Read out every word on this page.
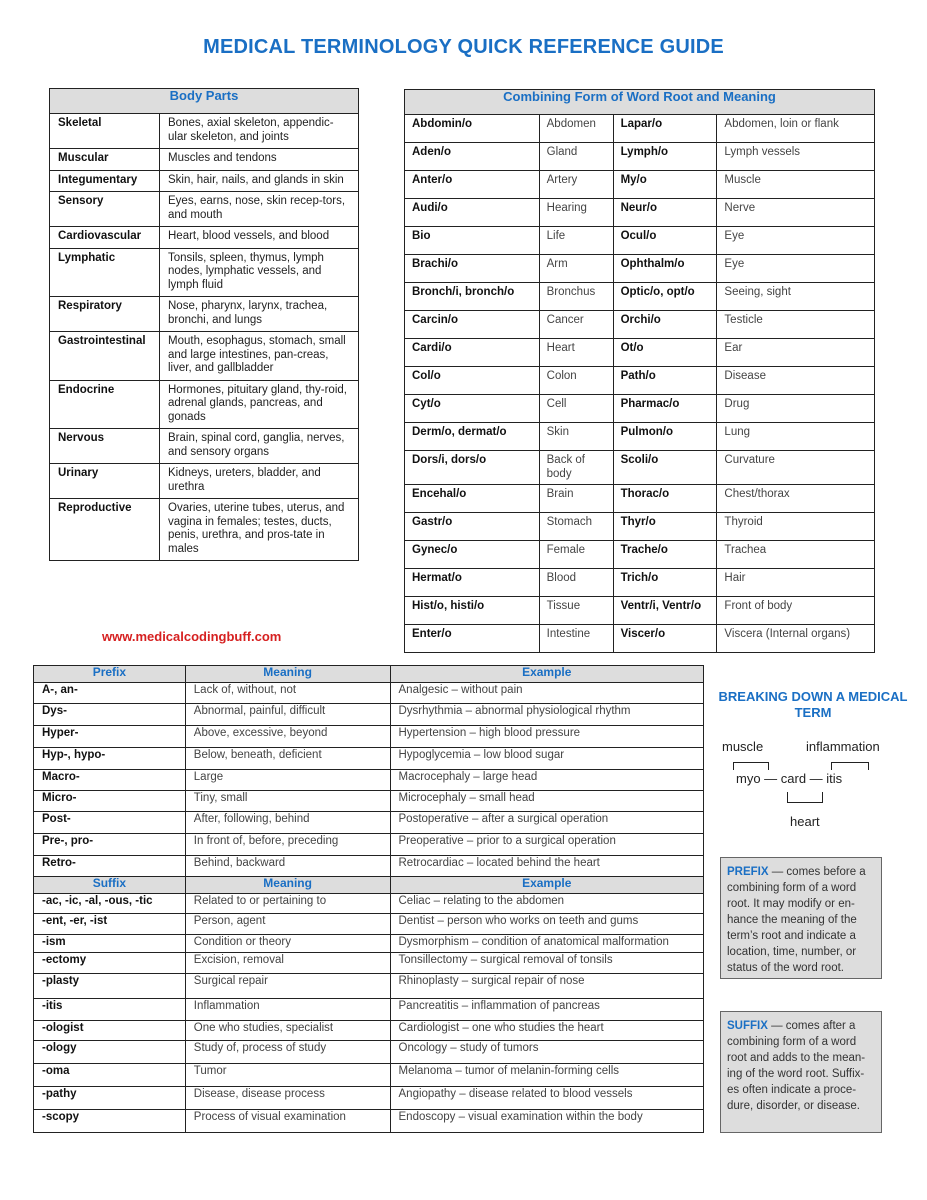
MEDICAL TERMINOLOGY QUICK REFERENCE GUIDE
Body Parts	
Skeletal	Bones, axial skeleton, appendic-ular skeleton, and joints
Muscular	Muscles and tendons
Integumentary	Skin, hair, nails, and glands in skin
Sensory	Eyes, earns, nose, skin recep-tors, and mouth
Cardiovascular	Heart, blood vessels, and blood
Lymphatic	Tonsils, spleen, thymus, lymph nodes, lymphatic vessels, and lymph fluid
Respiratory	Nose, pharynx, larynx, trachea, bronchi, and lungs
Gastrointestinal	Mouth, esophagus, stomach, small and large intestines, pan-creas, liver, and gallbladder
Endocrine	Hormones, pituitary gland, thy-roid, adrenal glands, pancreas, and gonads
Nervous	Brain, spinal cord, ganglia, nerves, and sensory organs
Urinary	Kidneys, ureters, bladder, and urethra
Reproductive	Ovaries, uterine tubes, uterus, and vagina in females; testes, ducts, penis, urethra, and pros-tate in males
Combining Form of Word Root and Meaning			
Abdomin/o	Abdomen	Lapar/o	Abdomen, loin or flank
Aden/o	Gland	Lymph/o	Lymph vessels
Anter/o	Artery	My/o	Muscle
Audi/o	Hearing	Neur/o	Nerve
Bio	Life	Ocul/o	Eye
Brachi/o	Arm	Ophthalm/o	Eye
Bronch/i, bronch/o	Bronchus	Optic/o, opt/o	Seeing, sight
Carcin/o	Cancer	Orchi/o	Testicle
Cardi/o	Heart	Ot/o	Ear
Col/o	Colon	Path/o	Disease
Cyt/o	Cell	Pharmac/o	Drug
Derm/o, dermat/o	Skin	Pulmon/o	Lung
Dors/i, dors/o	Back of body	Scoli/o	Curvature
Encehal/o	Brain	Thorac/o	Chest/thorax
Gastr/o	Stomach	Thyr/o	Thyroid
Gynec/o	Female	Trache/o	Trachea
Hermat/o	Blood	Trich/o	Hair
Hist/o, histi/o	Tissue	Ventr/i, Ventr/o	Front of body
Enter/o	Intestine	Viscer/o	Viscera (Internal organs)
www.medicalcodingbuff.com
Prefix	Meaning	Example
A-, an-	Lack of, without, not	Analgesic – without pain
Dys-	Abnormal, painful, difficult	Dysrhythmia – abnormal physiological rhythm
Hyper-	Above, excessive, beyond	Hypertension – high blood pressure
Hyp-, hypo-	Below, beneath, deficient	Hypoglycemia – low blood sugar
Macro-	Large	Macrocephaly – large head
Micro-	Tiny, small	Microcephaly – small head
Post-	After, following, behind	Postoperative – after a surgical operation
Pre-, pro-	In front of, before, preceding	Preoperative – prior to a surgical operation
Retro-	Behind, backward	Retrocardiac – located behind the heart
Suffix	Meaning	Example
-ac, -ic, -al, -ous, -tic	Related to or pertaining to	Celiac – relating to the abdomen
-ent, -er, -ist	Person, agent	Dentist – person who works on teeth and gums
-ism	Condition or theory	Dysmorphism – condition of anatomical malformation
-ectomy	Excision, removal	Tonsillectomy – surgical removal of tonsils
-plasty	Surgical repair	Rhinoplasty – surgical repair of nose
-itis	Inflammation	Pancreatitis – inflammation of pancreas
-ologist	One who studies, specialist	Cardiologist – one who studies the heart
-ology	Study of, process of study	Oncology – study of tumors
-oma	Tumor	Melanoma – tumor of melanin-forming cells
-pathy	Disease, disease process	Angiopathy – disease related to blood vessels
-scopy	Process of visual examination	Endoscopy – visual examination within the body
BREAKING DOWN A MEDICAL TERM
muscle	inflammation
myo — card — itis
heart
PREFIX — comes before a combining form of a word root. It may modify or en-hance the meaning of the term’s root and indicate a location, time, number, or status of the word root.
SUFFIX — comes after a combining form of a word root and adds to the mean-ing of the word root. Suffix-es often indicate a proce-dure, disorder, or disease.
